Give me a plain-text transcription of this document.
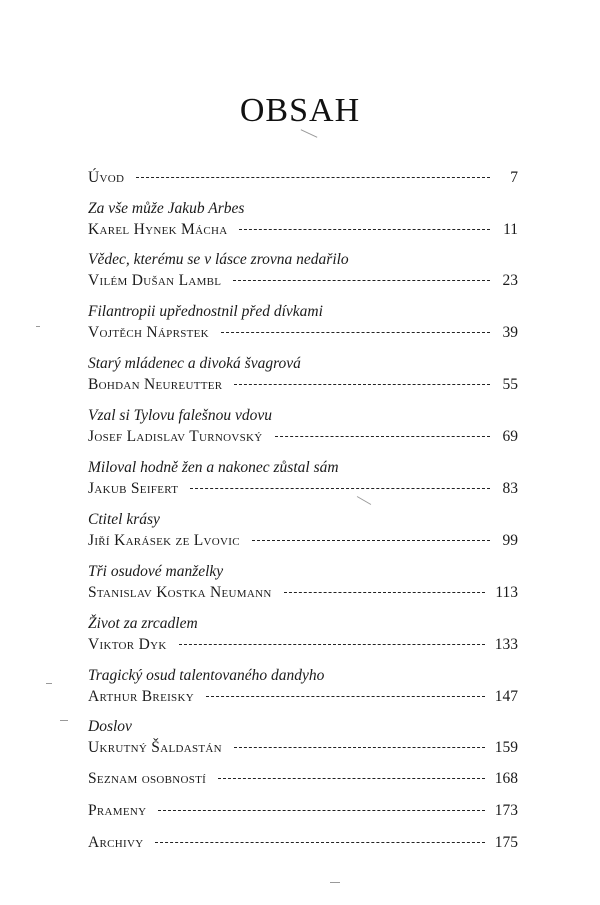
OBSAH
Úvod	7
Za vše může Jakub Arbes
Karel Hynek Mácha	11
Vědec, kterému se v lásce zrovna nedařilo
Vilém Dušan Lambl	23
Filantropii upřednostnil před dívkami
Vojtěch Náprstek	39
Starý mládenec a divoká švagrová
Bohdan Neureutter	55
Vzal si Tylovu falešnou vdovu
Josef Ladislav Turnovský	69
Miloval hodně žen a nakonec zůstal sám
Jakub Seifert	83
Ctitel krásy
Jiří Karásek ze Lvovic	99
Tři osudové manželky
Stanislav Kostka Neumann	113
Život za zrcadlem
Viktor Dyk	133
Tragický osud talentovaného dandyho
Arthur Breisky	147
Doslov
Ukrutný Šaldastán	159
Seznam osobností	168
Prameny	173
Archivy	175
